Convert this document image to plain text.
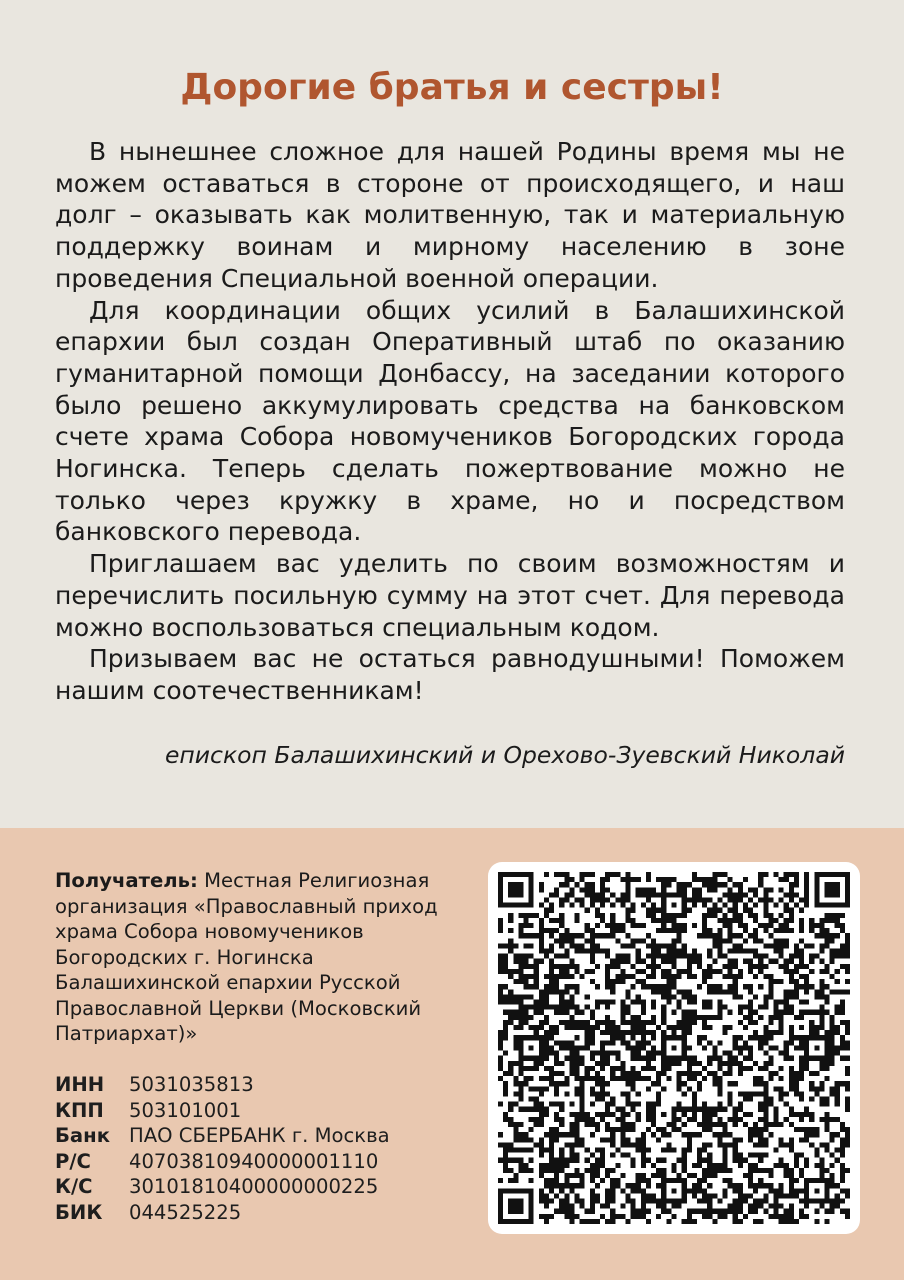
Дорогие братья и сестры!

В нынешнее сложное для нашей Родины время мы не можем оставаться в стороне от происходящего, и наш долг – оказывать как молитвенную, так и материальную поддержку воинам и мирному населению в зоне проведения Специальной военной операции.

Для координации общих усилий в Балашихинской епархии был создан Оперативный штаб по оказанию гуманитарной помощи Донбассу, на заседании которого было решено аккумулировать средства на банковском счете храма Собора новомучеников Богородских города Ногинска. Теперь сделать пожертвование можно не только через кружку в храме, но и посредством банковского перевода.

Приглашаем вас уделить по своим возможностям и перечислить посильную сумму на этот счет. Для перевода можно воспользоваться специальным кодом.

Призываем вас не остаться равнодушными! Поможем нашим соотечественникам!

епископ Балашихинский и Орехово-Зуевский Николай
Получатель: Местная Религиозная организация «Православный приход храма Собора новомучеников Богородских г. Ногинска Балашихинской епархии Русской Православной Церкви (Московский Патриархат)»
ИНН	5031035813
КПП	503101001
Банк ПАО СБЕРБАНК г. Москва
Р/С	40703810940000001110
К/С	30101810400000000225
БИК	044525225
